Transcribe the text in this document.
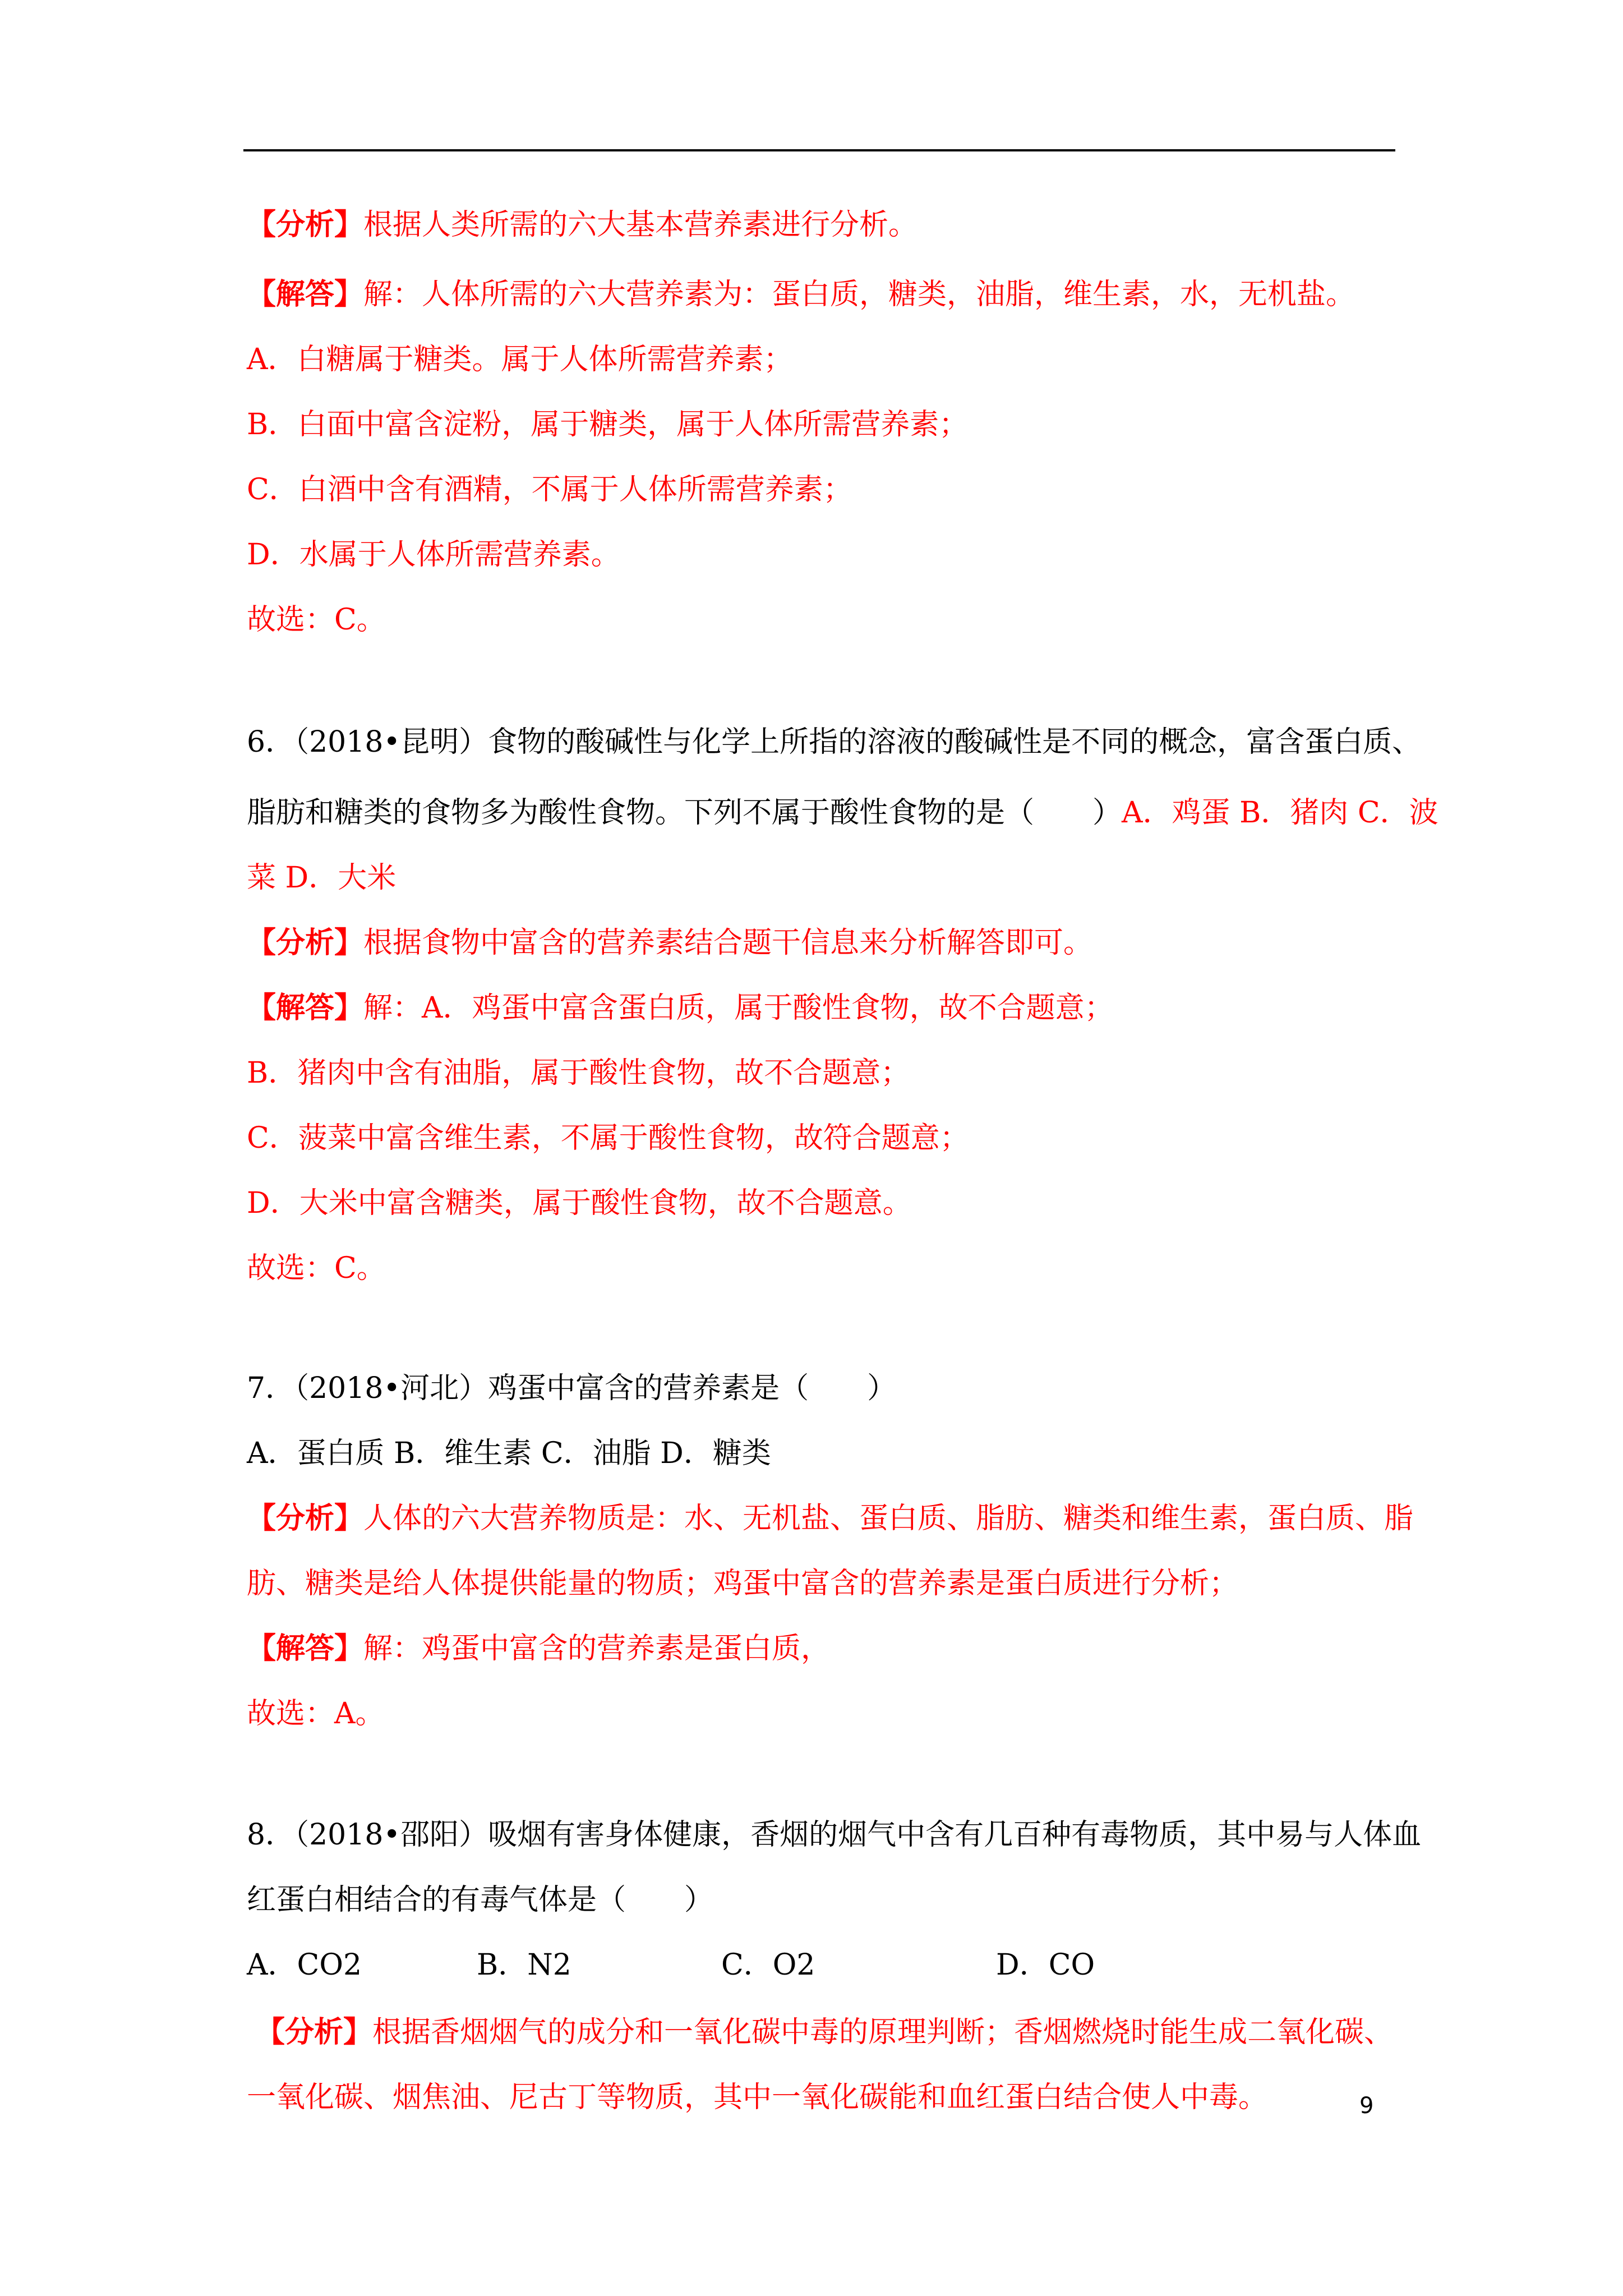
【分析】根据人类所需的六大基本营养素进行分析。
【解答】解：人体所需的六大营养素为：蛋白质，糖类，油脂，维生素，水，无机盐。
A．白糖属于糖类。属于人体所需营养素；
B．白面中富含淀粉，属于糖类，属于人体所需营养素；
C．白酒中含有酒精，不属于人体所需营养素；
D．水属于人体所需营养素。
故选：C。
6．（2018•昆明）食物的酸碱性与化学上所指的溶液的酸碱性是不同的概念，富含蛋白质、
脂肪和糖类的食物多为酸性食物。下列不属于酸性食物的是（　　）A．鸡蛋 B．猪肉 C．波
菜 D．大米
【分析】根据食物中富含的营养素结合题干信息来分析解答即可。
【解答】解：A．鸡蛋中富含蛋白质，属于酸性食物，故不合题意；
B．猪肉中含有油脂，属于酸性食物，故不合题意；
C．菠菜中富含维生素，不属于酸性食物，故符合题意；
D．大米中富含糖类，属于酸性食物，故不合题意。
故选：C。
7．（2018•河北）鸡蛋中富含的营养素是（　　）
A．蛋白质 B．维生素 C．油脂 D．糖类
【分析】人体的六大营养物质是：水、无机盐、蛋白质、脂肪、糖类和维生素，蛋白质、脂
肪、糖类是给人体提供能量的物质；鸡蛋中富含的营养素是蛋白质进行分析；
【解答】解：鸡蛋中富含的营养素是蛋白质，
故选：A。
8．（2018•邵阳）吸烟有害身体健康，香烟的烟气中含有几百种有毒物质，其中易与人体血
红蛋白相结合的有毒气体是（　　）
A．CO2	B．N2	C．O2	D．CO
【分析】根据香烟烟气的成分和一氧化碳中毒的原理判断；香烟燃烧时能生成二氧化碳、
一氧化碳、烟焦油、尼古丁等物质，其中一氧化碳能和血红蛋白结合使人中毒。	9
